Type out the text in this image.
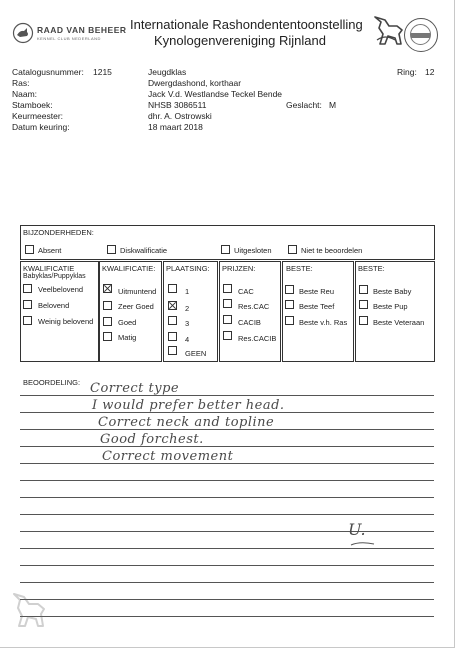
RAAD VAN BEHEER
KENNEL CLUB NEDERLAND
Internationale Rashondententoonstelling
Kynologenvereniging Rijnland
Catalogusnummer: 1215	Jeugdklas	Ring: 12
Ras:	Dwergdashond, korthaar
Naam:	Jack V.d. Westlandse Teckel Bende
Stamboek:	NHSB 3086511	Geslacht: M
Keurmeester:	dhr. A. Ostrowski
Datum keuring:	18 maart 2018
BIJZONDERHEDEN:
Absent	Diskwalificatie	Uitgesloten	Niet te beoordelen
KWALIFICATIE
Babyklas/Puppyklas
Veelbelovend
Belovend
Weinig belovend
KWALIFICATIE:
Uitmuntend
Zeer Goed
Goed
Matig
PLAATSING:
1
2
3
4
GEEN
PRIJZEN:
CAC
Res.CAC
CACIB
Res.CACIB
BESTE:
Beste Reu
Beste Teef
Beste v.h. Ras
BESTE:
Beste Baby
Beste Pup
Beste Veteraan
BEOORDELING: Correct type
I would prefer better head.
Correct neck and topline
Good forchest.
Correct movement
U.
